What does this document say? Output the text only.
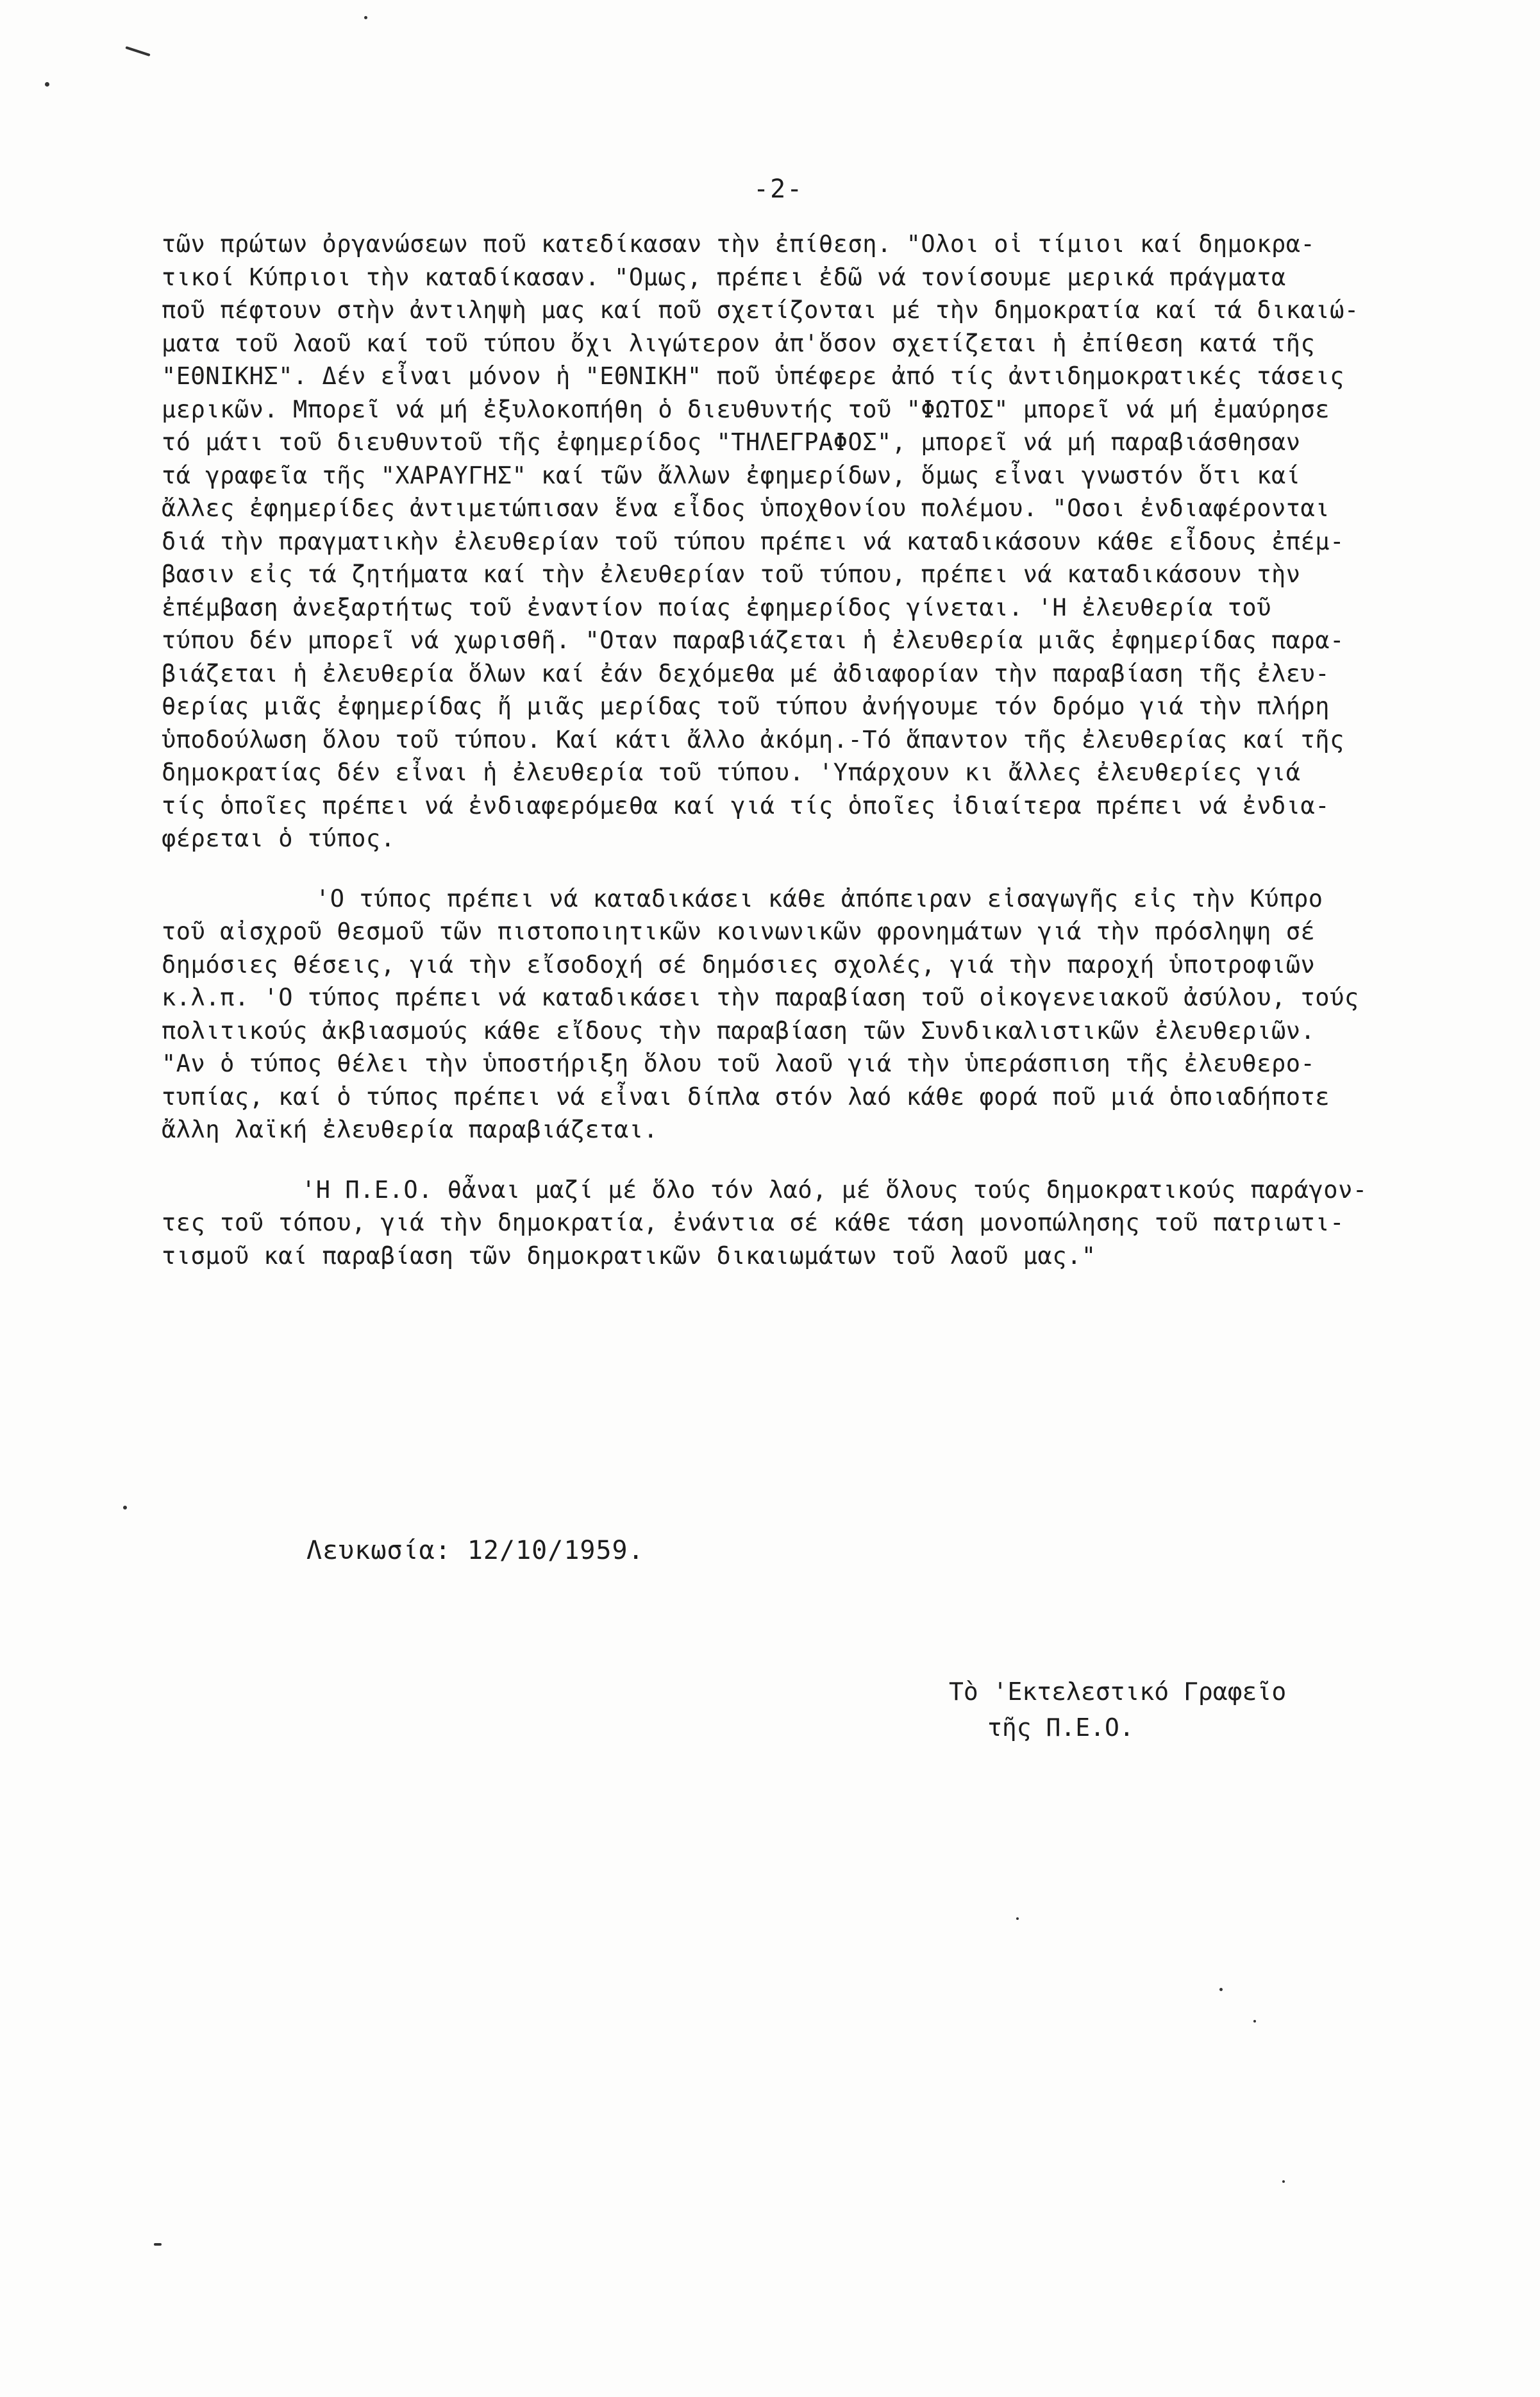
-2-
τῶν πρώτων ὀργανώσεων ποῦ κατεδίκασαν τὴν ἐπίθεση. "Ολοι οἱ τίμιοι καί δημοκρα-
τικοί Κύπριοι τὴν καταδίκασαν. "Ομως, πρέπει ἐδῶ νά τονίσουμε μερικά πράγματα
ποῦ πέφτουν στὴν ἀντιληψὴ μας καί ποῦ σχετίζονται μέ τὴν δημοκρατία καί τά δικαιώ-
ματα τοῦ λαοῦ καί τοῦ τύπου ὄχι λιγώτερον ἀπ'ὅσον σχετίζεται ἡ ἐπίθεση κατά τῆς
"ΕΘΝΙΚΗΣ". Δέν εἶναι μόνον ἡ "ΕΘΝΙΚΗ" ποῦ ὑπέφερε ἀπό τίς ἀντιδημοκρατικές τάσεις
μερικῶν. Μπορεῖ νά μή ἐξυλοκοπήθη ὁ διευθυντής τοῦ "ΦΩΤΟΣ" μπορεῖ νά μή ἐμαύρησε
τό μάτι τοῦ διευθυντοῦ τῆς ἐφημερίδος "ΤΗΛΕΓΡΑΦΟΣ", μπορεῖ νά μή παραβιάσθησαν
τά γραφεῖα τῆς "ΧΑΡΑΥΓΗΣ" καί τῶν ἄλλων ἐφημερίδων, ὅμως εἶναι γνωστόν ὅτι καί
ἄλλες ἐφημερίδες ἀντιμετώπισαν ἕνα εἶδος ὑποχθονίου πολέμου. "Οσοι ἐνδιαφέρονται
διά τὴν πραγματικὴν ἐλευθερίαν τοῦ τύπου πρέπει νά καταδικάσουν κάθε εἶδους ἐπέμ-
βασιν εἰς τά ζητήματα καί τὴν ἐλευθερίαν τοῦ τύπου, πρέπει νά καταδικάσουν τὴν
ἐπέμβαση ἀνεξαρτήτως τοῦ ἐναντίον ποίας ἐφημερίδος γίνεται. 'Η ἐλευθερία τοῦ
τύπου δέν μπορεῖ νά χωρισθῆ. "Οταν παραβιάζεται ἡ ἐλευθερία μιᾶς ἐφημερίδας παρα-
βιάζεται ἡ ἐλευθερία ὅλων καί ἐάν δεχόμεθα μέ ἀδιαφορίαν τὴν παραβίαση τῆς ἐλευ-
θερίας μιᾶς ἐφημερίδας ἤ μιᾶς μερίδας τοῦ τύπου ἀνήγουμε τόν δρόμο γιά τὴν πλήρη
ὑποδούλωση ὅλου τοῦ τύπου. Καί κάτι ἄλλο ἀκόμη.-Τό ἅπαντον τῆς ἐλευθερίας καί τῆς
δημοκρατίας δέν εἶναι ἡ ἐλευθερία τοῦ τύπου. 'Υπάρχουν κι ἄλλες ἐλευθερίες γιά
τίς ὁποῖες πρέπει νά ἐνδιαφερόμεθα καί γιά τίς ὁποῖες ἰδιαίτερα πρέπει νά ἐνδια-
φέρεται ὁ τύπος.
'Ο τύπος πρέπει νά καταδικάσει κάθε ἀπόπειραν εἰσαγωγῆς εἰς τὴν Κύπρο
τοῦ αἰσχροῦ θεσμοῦ τῶν πιστοποιητικῶν κοινωνικῶν φρονημάτων γιά τὴν πρόσληψη σέ
δημόσιες θέσεις, γιά τὴν εἴσοδοχή σέ δημόσιες σχολές, γιά τὴν παροχή ὑποτροφιῶν
κ.λ.π. 'Ο τύπος πρέπει νά καταδικάσει τὴν παραβίαση τοῦ οἰκογενειακοῦ ἀσύλου, τούς
πολιτικούς ἀκβιασμούς κάθε εἴδους τὴν παραβίαση τῶν Συνδικαλιστικῶν ἐλευθεριῶν.
"Αν ὁ τύπος θέλει τὴν ὑποστήριξη ὅλου τοῦ λαοῦ γιά τὴν ὑπεράσπιση τῆς ἐλευθερο-
τυπίας, καί ὁ τύπος πρέπει νά εἶναι δίπλα στόν λαό κάθε φορά ποῦ μιά ὁποιαδήποτε
ἄλλη λαϊκή ἐλευθερία παραβιάζεται.
'Η Π.Ε.Ο. θἆναι μαζί μέ ὅλο τόν λαό, μέ ὅλους τούς δημοκρατικούς παράγον-
τες τοῦ τόπου, γιά τὴν δημοκρατία, ἐνάντια σέ κάθε τάση μονοπώλησης τοῦ πατριωτι-
τισμοῦ καί παραβίαση τῶν δημοκρατικῶν δικαιωμάτων τοῦ λαοῦ μας."
Λευκωσία: 12/10/1959.
Τὸ 'Εκτελεστικό Γραφεῖο
τῆς Π.Ε.Ο.
